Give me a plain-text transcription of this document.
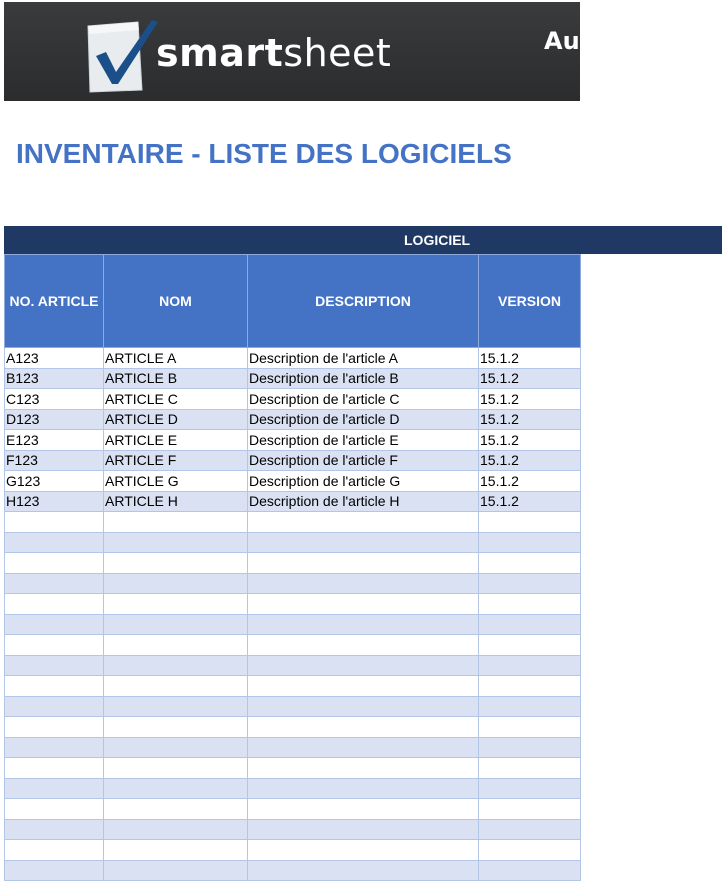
smartsheet	Au
INVENTAIRE - LISTE DES LOGICIELS
LOGICIEL
NO. ARTICLE	NOM	DESCRIPTION	VERSION
A123	ARTICLE A	Description de l'article A	15.1.2
B123	ARTICLE B	Description de l'article B	15.1.2
C123	ARTICLE C	Description de l'article C	15.1.2
D123	ARTICLE D	Description de l'article D	15.1.2
E123	ARTICLE E	Description de l'article E	15.1.2
F123	ARTICLE F	Description de l'article F	15.1.2
G123	ARTICLE G	Description de l'article G	15.1.2
H123	ARTICLE H	Description de l'article H	15.1.2
